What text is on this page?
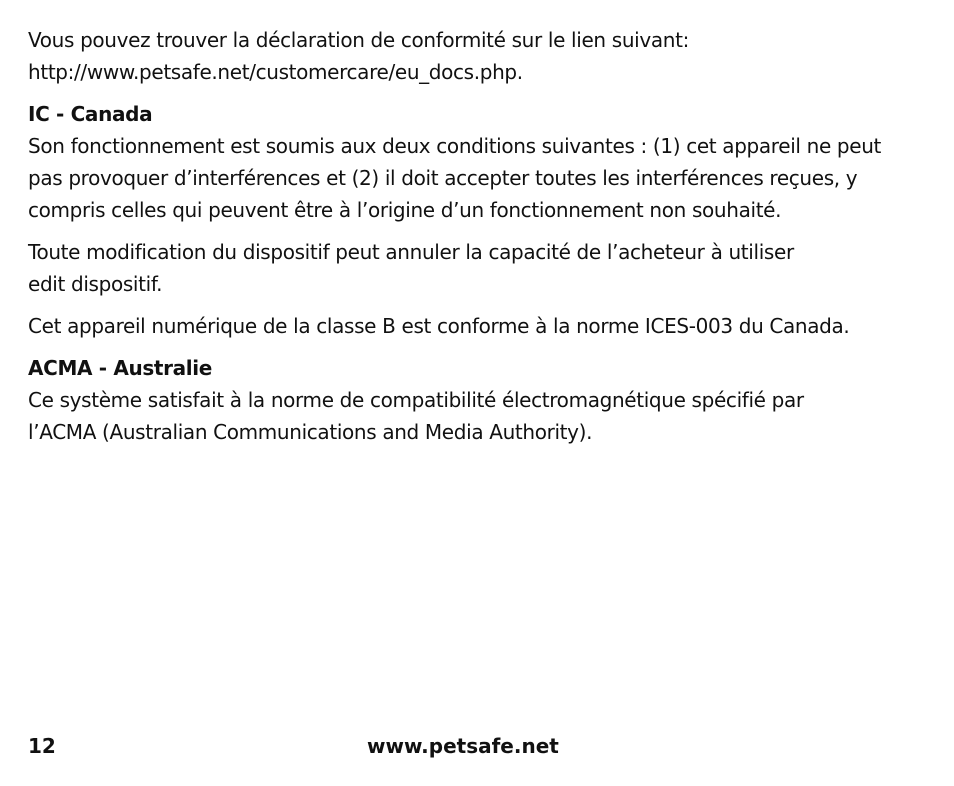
Vous pouvez trouver la déclaration de conformité sur le lien suivant:
http://www.petsafe.net/customercare/eu_docs.php.

IC - Canada

Son fonctionnement est soumis aux deux conditions suivantes : (1) cet appareil ne peut
pas provoquer d’interférences et (2) il doit accepter toutes les interférences reçues, y
compris celles qui peuvent être à l’origine d’un fonctionnement non souhaité.

Toute modification du dispositif peut annuler la capacité de l’acheteur à utiliser
edit dispositif.

Cet appareil numérique de la classe B est conforme à la norme ICES-003 du Canada.

ACMA - Australie

Ce système satisfait à la norme de compatibilité électromagnétique spécifié par
l’ACMA (Australian Communications and Media Authority).

12	www.petsafe.net
